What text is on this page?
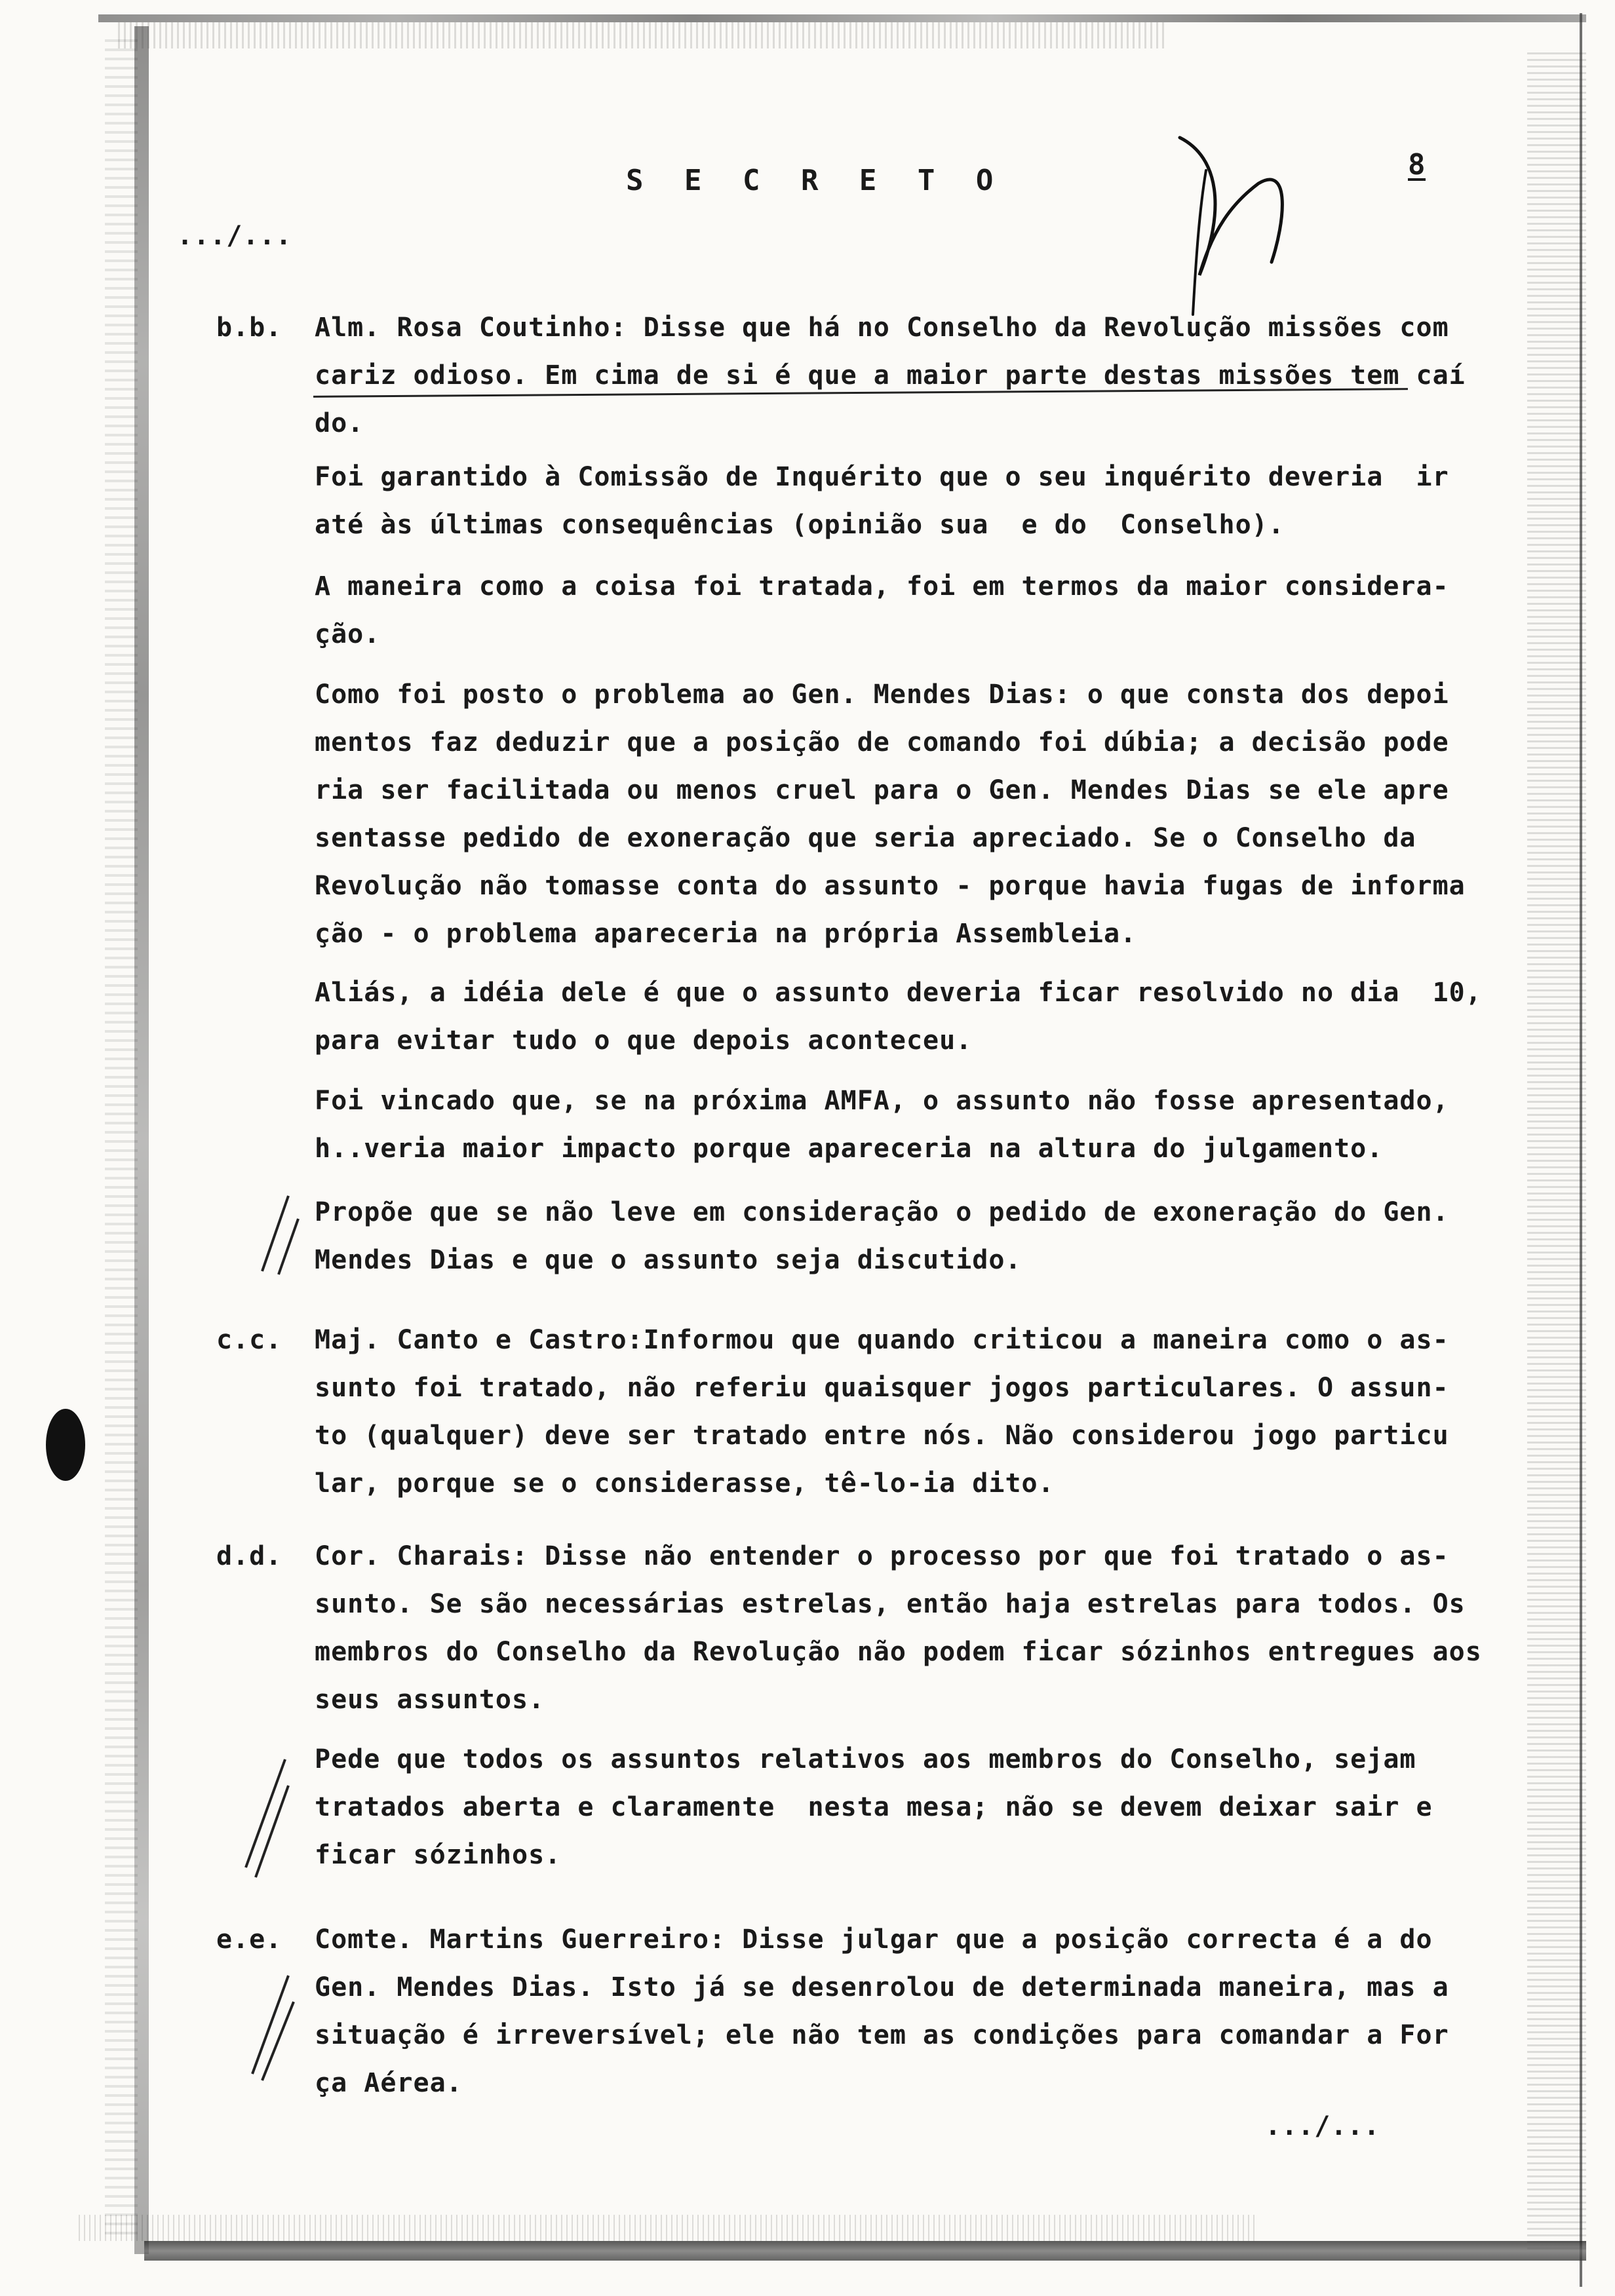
S E C R E T O	8
.../...
b.b. Alm. Rosa Coutinho: Disse que há no Conselho da Revolução missões com
cariz odioso. Em cima de si é que a maior parte destas missões tem caí
do.
Foi garantido à Comissão de Inquérito que o seu inquérito deveria  ir
até às últimas consequências (opinião sua  e do  Conselho).
A maneira como a coisa foi tratada, foi em termos da maior considera-
ção.
Como foi posto o problema ao Gen. Mendes Dias: o que consta dos depoi
mentos faz deduzir que a posição de comando foi dúbia; a decisão pode
ria ser facilitada ou menos cruel para o Gen. Mendes Dias se ele apre
sentasse pedido de exoneração que seria apreciado. Se o Conselho da
Revolução não tomasse conta do assunto - porque havia fugas de informa
ção - o problema apareceria na própria Assembleia.
Aliás, a idéia dele é que o assunto deveria ficar resolvido no dia  10,
para evitar tudo o que depois aconteceu.
Foi vincado que, se na próxima AMFA, o assunto não fosse apresentado,
h..veria maior impacto porque apareceria na altura do julgamento.
Propõe que se não leve em consideração o pedido de exoneração do Gen.
Mendes Dias e que o assunto seja discutido.
c.c. Maj. Canto e Castro:Informou que quando criticou a maneira como o as-
sunto foi tratado, não referiu quaisquer jogos particulares. O assun-
to (qualquer) deve ser tratado entre nós. Não considerou jogo particu
lar, porque se o considerasse, tê-lo-ia dito.
d.d. Cor. Charais: Disse não entender o processo por que foi tratado o as-
sunto. Se são necessárias estrelas, então haja estrelas para todos. Os
membros do Conselho da Revolução não podem ficar sózinhos entregues aos
seus assuntos.
Pede que todos os assuntos relativos aos membros do Conselho, sejam
tratados aberta e claramente  nesta mesa; não se devem deixar sair e
ficar sózinhos.
e.e. Comte. Martins Guerreiro: Disse julgar que a posição correcta é a do
Gen. Mendes Dias. Isto já se desenrolou de determinada maneira, mas a
situação é irreversível; ele não tem as condições para comandar a For
ça Aérea.
.../...
